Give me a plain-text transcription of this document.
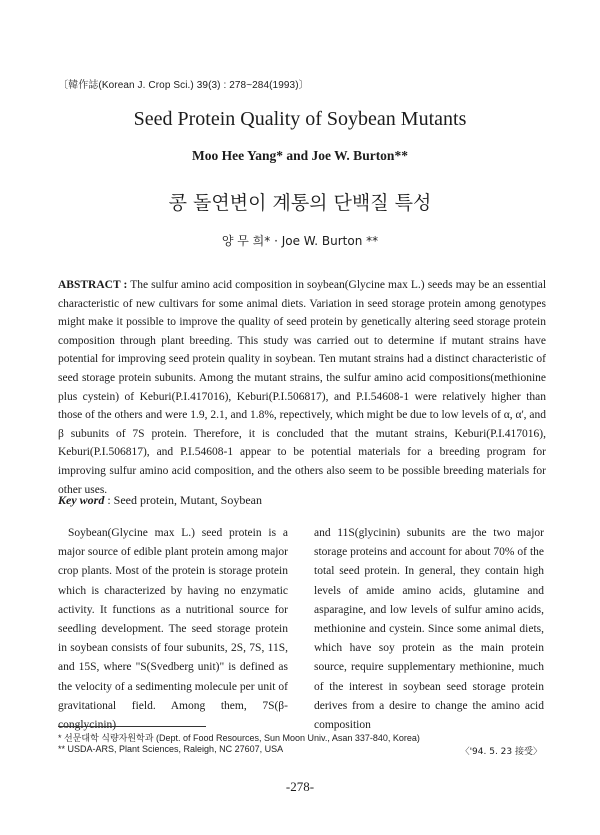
〔韓作誌(Korean J. Crop Sci.) 39(3) : 278~284(1993)〕
Seed Protein Quality of Soybean Mutants
Moo Hee Yang* and Joe W. Burton**
콩 돌연변이 계통의 단백질 특성
양 무 희* · Joe W. Burton **

ABSTRACT : The sulfur amino acid composition in soybean(Glycine max L.) seeds may be an essential characteristic of new cultivars for some animal diets. Variation in seed storage protein among genotypes might make it possible to improve the quality of seed protein by genetically altering seed storage protein composition through plant breeding. This study was carried out to determine if mutant strains have potential for improving seed protein quality in soybean. Ten mutant strains had a distinct characteristic of seed storage protein subunits. Among the mutant strains, the sulfur amino acid compositions(methionine plus cystein) of Keburi(P.I.417016), Keburi(P.I.506817), and P.I.54608-1 were relatively higher than those of the others and were 1.9, 2.1, and 1.8%, repectively, which might be due to low levels of α, α', and β subunits of 7S protein. Therefore, it is concluded that the mutant strains, Keburi(P.I.417016), Keburi(P.I.506817), and P.I.54608-1 appear to be potential materials for a breeding program for improving sulfur amino acid composition, and the others also seem to be possible breeding materials for other uses.

Key word : Seed protein, Mutant, Soybean

Soybean(Glycine max L.) seed protein is a major source of edible plant protein among major crop plants. Most of the protein is storage protein which is characterized by having no enzymatic activity. It functions as a nutritional source for seedling development. The seed storage protein in soybean consists of four subunits, 2S, 7S, 11S, and 15S, where "S(Svedberg unit)" is defined as the velocity of a sedimenting molecule per unit of gravitational field. Among them, 7S(β-conglycinin)

and 11S(glycinin) subunits are the two major storage proteins and account for about 70% of the total seed protein. In general, they contain high levels of amide amino acids, glutamine and asparagine, and low levels of sulfur amino acids, methionine and cystein. Since some animal diets, which have soy protein as the main protein source, require supplementary methionine, much of the interest in soybean seed storage protein derives from a desire to change the amino acid composition

* 선문대학 식량자원학과 (Dept. of Food Resources, Sun Moon Univ., Asan 337-840, Korea)
** USDA-ARS, Plant Sciences, Raleigh, NC 27607, USA	〈'94. 5. 23 接受〉
-278-
